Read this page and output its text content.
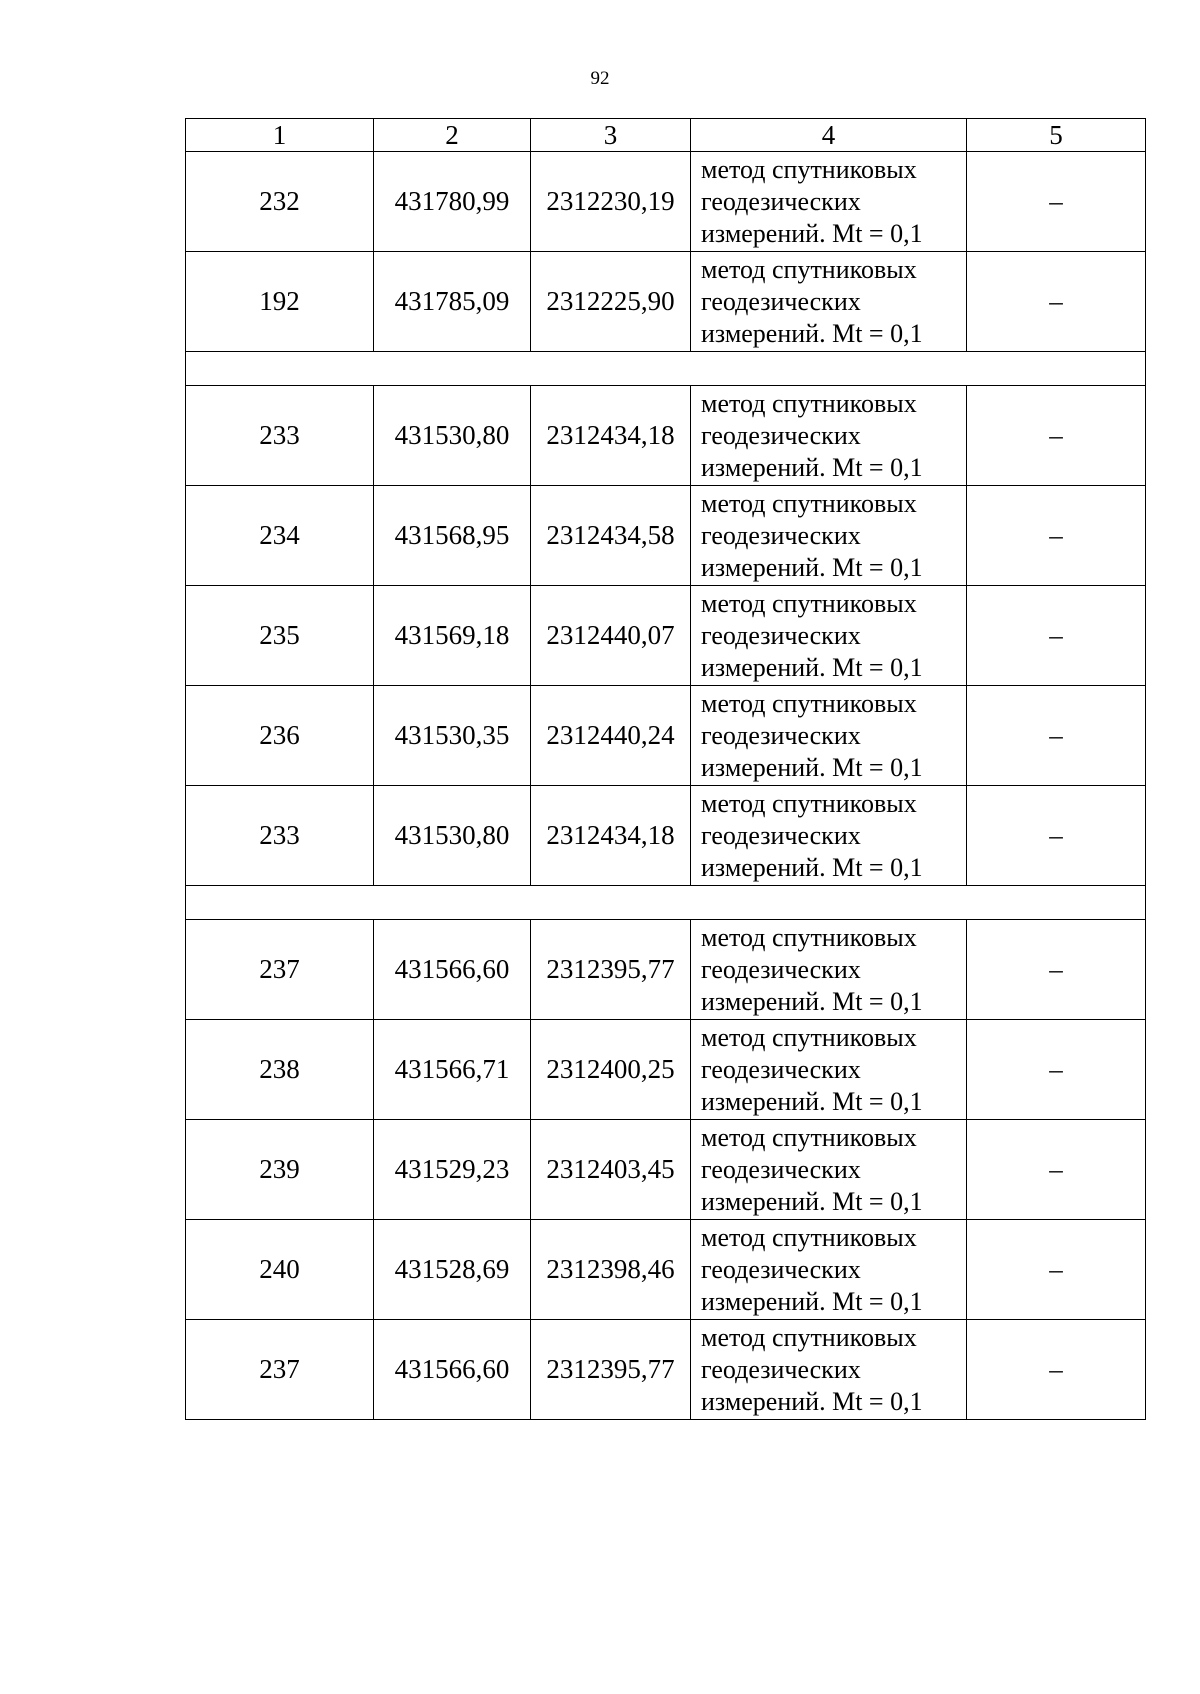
92
1	2	3	4	5
232	431780,99	2312230,19	метод спутниковых
геодезических
измерений. Mt = 0,1	–
192	431785,09	2312225,90	метод спутниковых
геодезических
измерений. Mt = 0,1	–

233	431530,80	2312434,18	метод спутниковых
геодезических
измерений. Mt = 0,1	–
234	431568,95	2312434,58	метод спутниковых
геодезических
измерений. Mt = 0,1	–
235	431569,18	2312440,07	метод спутниковых
геодезических
измерений. Mt = 0,1	–
236	431530,35	2312440,24	метод спутниковых
геодезических
измерений. Mt = 0,1	–
233	431530,80	2312434,18	метод спутниковых
геодезических
измерений. Mt = 0,1	–

237	431566,60	2312395,77	метод спутниковых
геодезических
измерений. Mt = 0,1	–
238	431566,71	2312400,25	метод спутниковых
геодезических
измерений. Mt = 0,1	–
239	431529,23	2312403,45	метод спутниковых
геодезических
измерений. Mt = 0,1	–
240	431528,69	2312398,46	метод спутниковых
геодезических
измерений. Mt = 0,1	–
237	431566,60	2312395,77	метод спутниковых
геодезических
измерений. Mt = 0,1	–
